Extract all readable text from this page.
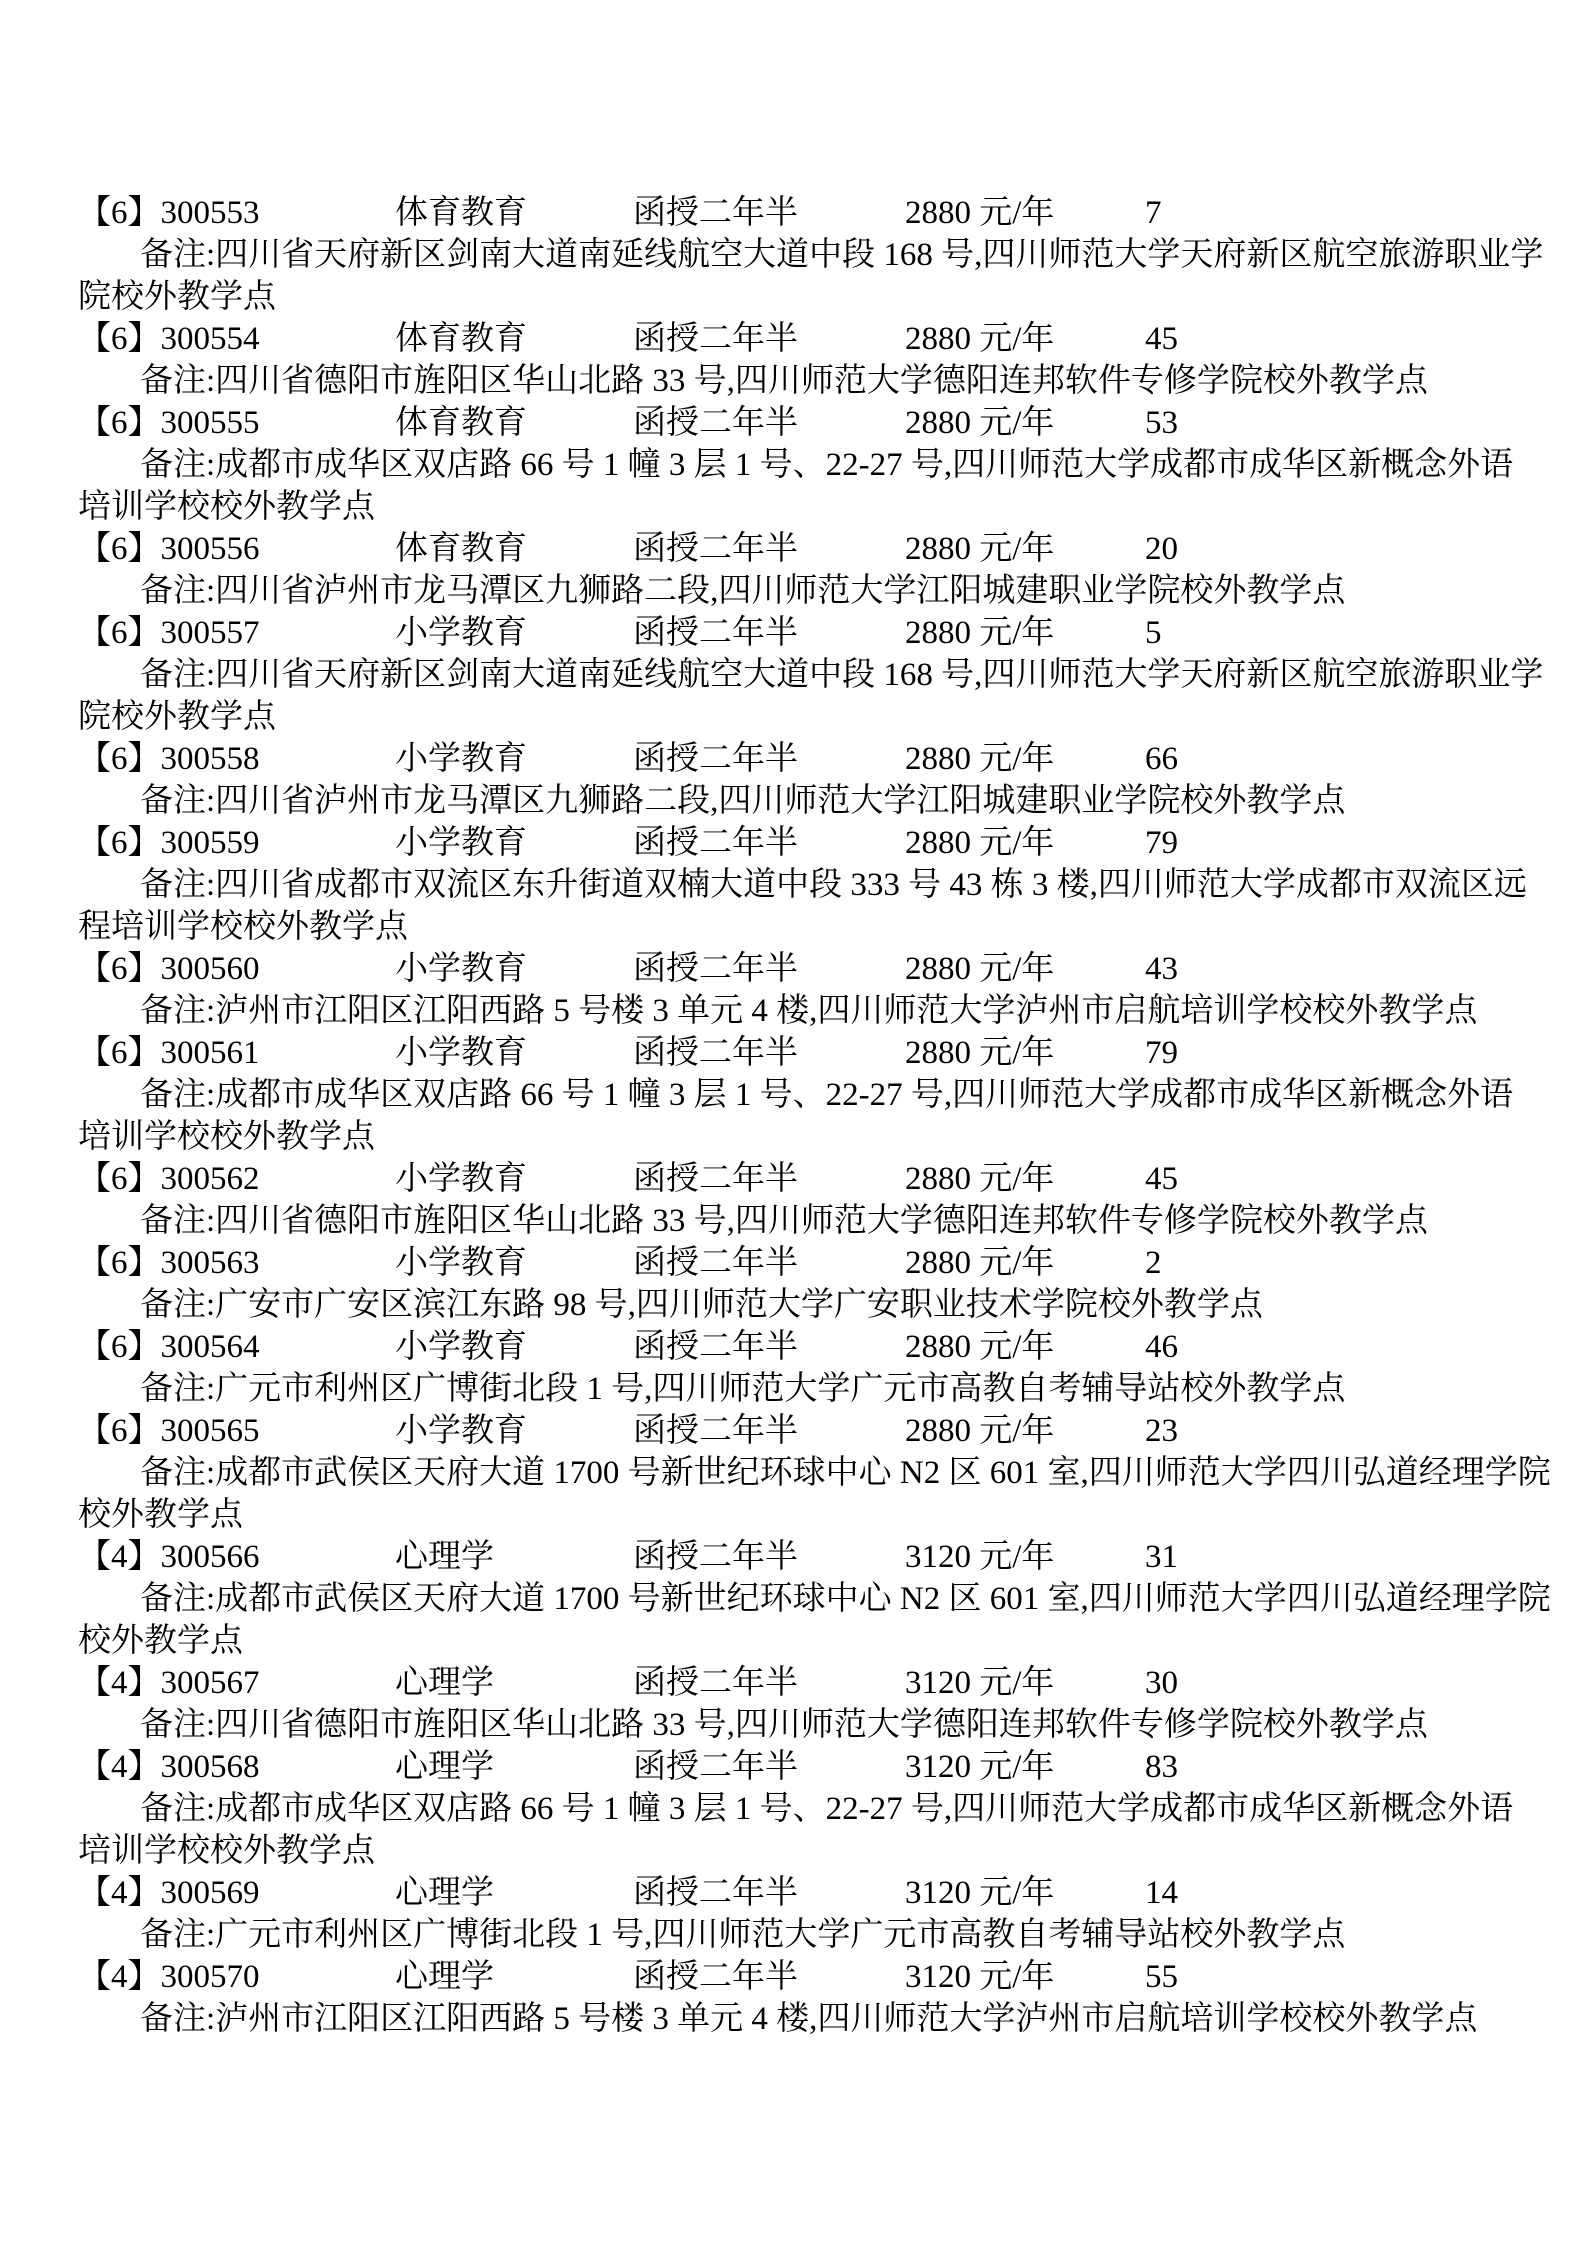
【6】300553	体育教育	函授二年半	2880 元/年	7
备注:四川省天府新区剑南大道南延线航空大道中段 168 号,四川师范大学天府新区航空旅游职业学
院校外教学点
【6】300554	体育教育	函授二年半	2880 元/年	45
备注:四川省德阳市旌阳区华山北路 33 号,四川师范大学德阳连邦软件专修学院校外教学点
【6】300555	体育教育	函授二年半	2880 元/年	53
备注:成都市成华区双店路 66 号 1 幢 3 层 1 号、22-27 号,四川师范大学成都市成华区新概念外语
培训学校校外教学点
【6】300556	体育教育	函授二年半	2880 元/年	20
备注:四川省泸州市龙马潭区九狮路二段,四川师范大学江阳城建职业学院校外教学点
【6】300557	小学教育	函授二年半	2880 元/年	5
备注:四川省天府新区剑南大道南延线航空大道中段 168 号,四川师范大学天府新区航空旅游职业学
院校外教学点
【6】300558	小学教育	函授二年半	2880 元/年	66
备注:四川省泸州市龙马潭区九狮路二段,四川师范大学江阳城建职业学院校外教学点
【6】300559	小学教育	函授二年半	2880 元/年	79
备注:四川省成都市双流区东升街道双楠大道中段 333 号 43 栋 3 楼,四川师范大学成都市双流区远
程培训学校校外教学点
【6】300560	小学教育	函授二年半	2880 元/年	43
备注:泸州市江阳区江阳西路 5 号楼 3 单元 4 楼,四川师范大学泸州市启航培训学校校外教学点
【6】300561	小学教育	函授二年半	2880 元/年	79
备注:成都市成华区双店路 66 号 1 幢 3 层 1 号、22-27 号,四川师范大学成都市成华区新概念外语
培训学校校外教学点
【6】300562	小学教育	函授二年半	2880 元/年	45
备注:四川省德阳市旌阳区华山北路 33 号,四川师范大学德阳连邦软件专修学院校外教学点
【6】300563	小学教育	函授二年半	2880 元/年	2
备注:广安市广安区滨江东路 98 号,四川师范大学广安职业技术学院校外教学点
【6】300564	小学教育	函授二年半	2880 元/年	46
备注:广元市利州区广博街北段 1 号,四川师范大学广元市高教自考辅导站校外教学点
【6】300565	小学教育	函授二年半	2880 元/年	23
备注:成都市武侯区天府大道 1700 号新世纪环球中心 N2 区 601 室,四川师范大学四川弘道经理学院
校外教学点
【4】300566	心理学	函授二年半	3120 元/年	31
备注:成都市武侯区天府大道 1700 号新世纪环球中心 N2 区 601 室,四川师范大学四川弘道经理学院
校外教学点
【4】300567	心理学	函授二年半	3120 元/年	30
备注:四川省德阳市旌阳区华山北路 33 号,四川师范大学德阳连邦软件专修学院校外教学点
【4】300568	心理学	函授二年半	3120 元/年	83
备注:成都市成华区双店路 66 号 1 幢 3 层 1 号、22-27 号,四川师范大学成都市成华区新概念外语
培训学校校外教学点
【4】300569	心理学	函授二年半	3120 元/年	14
备注:广元市利州区广博街北段 1 号,四川师范大学广元市高教自考辅导站校外教学点
【4】300570	心理学	函授二年半	3120 元/年	55
备注:泸州市江阳区江阳西路 5 号楼 3 单元 4 楼,四川师范大学泸州市启航培训学校校外教学点
